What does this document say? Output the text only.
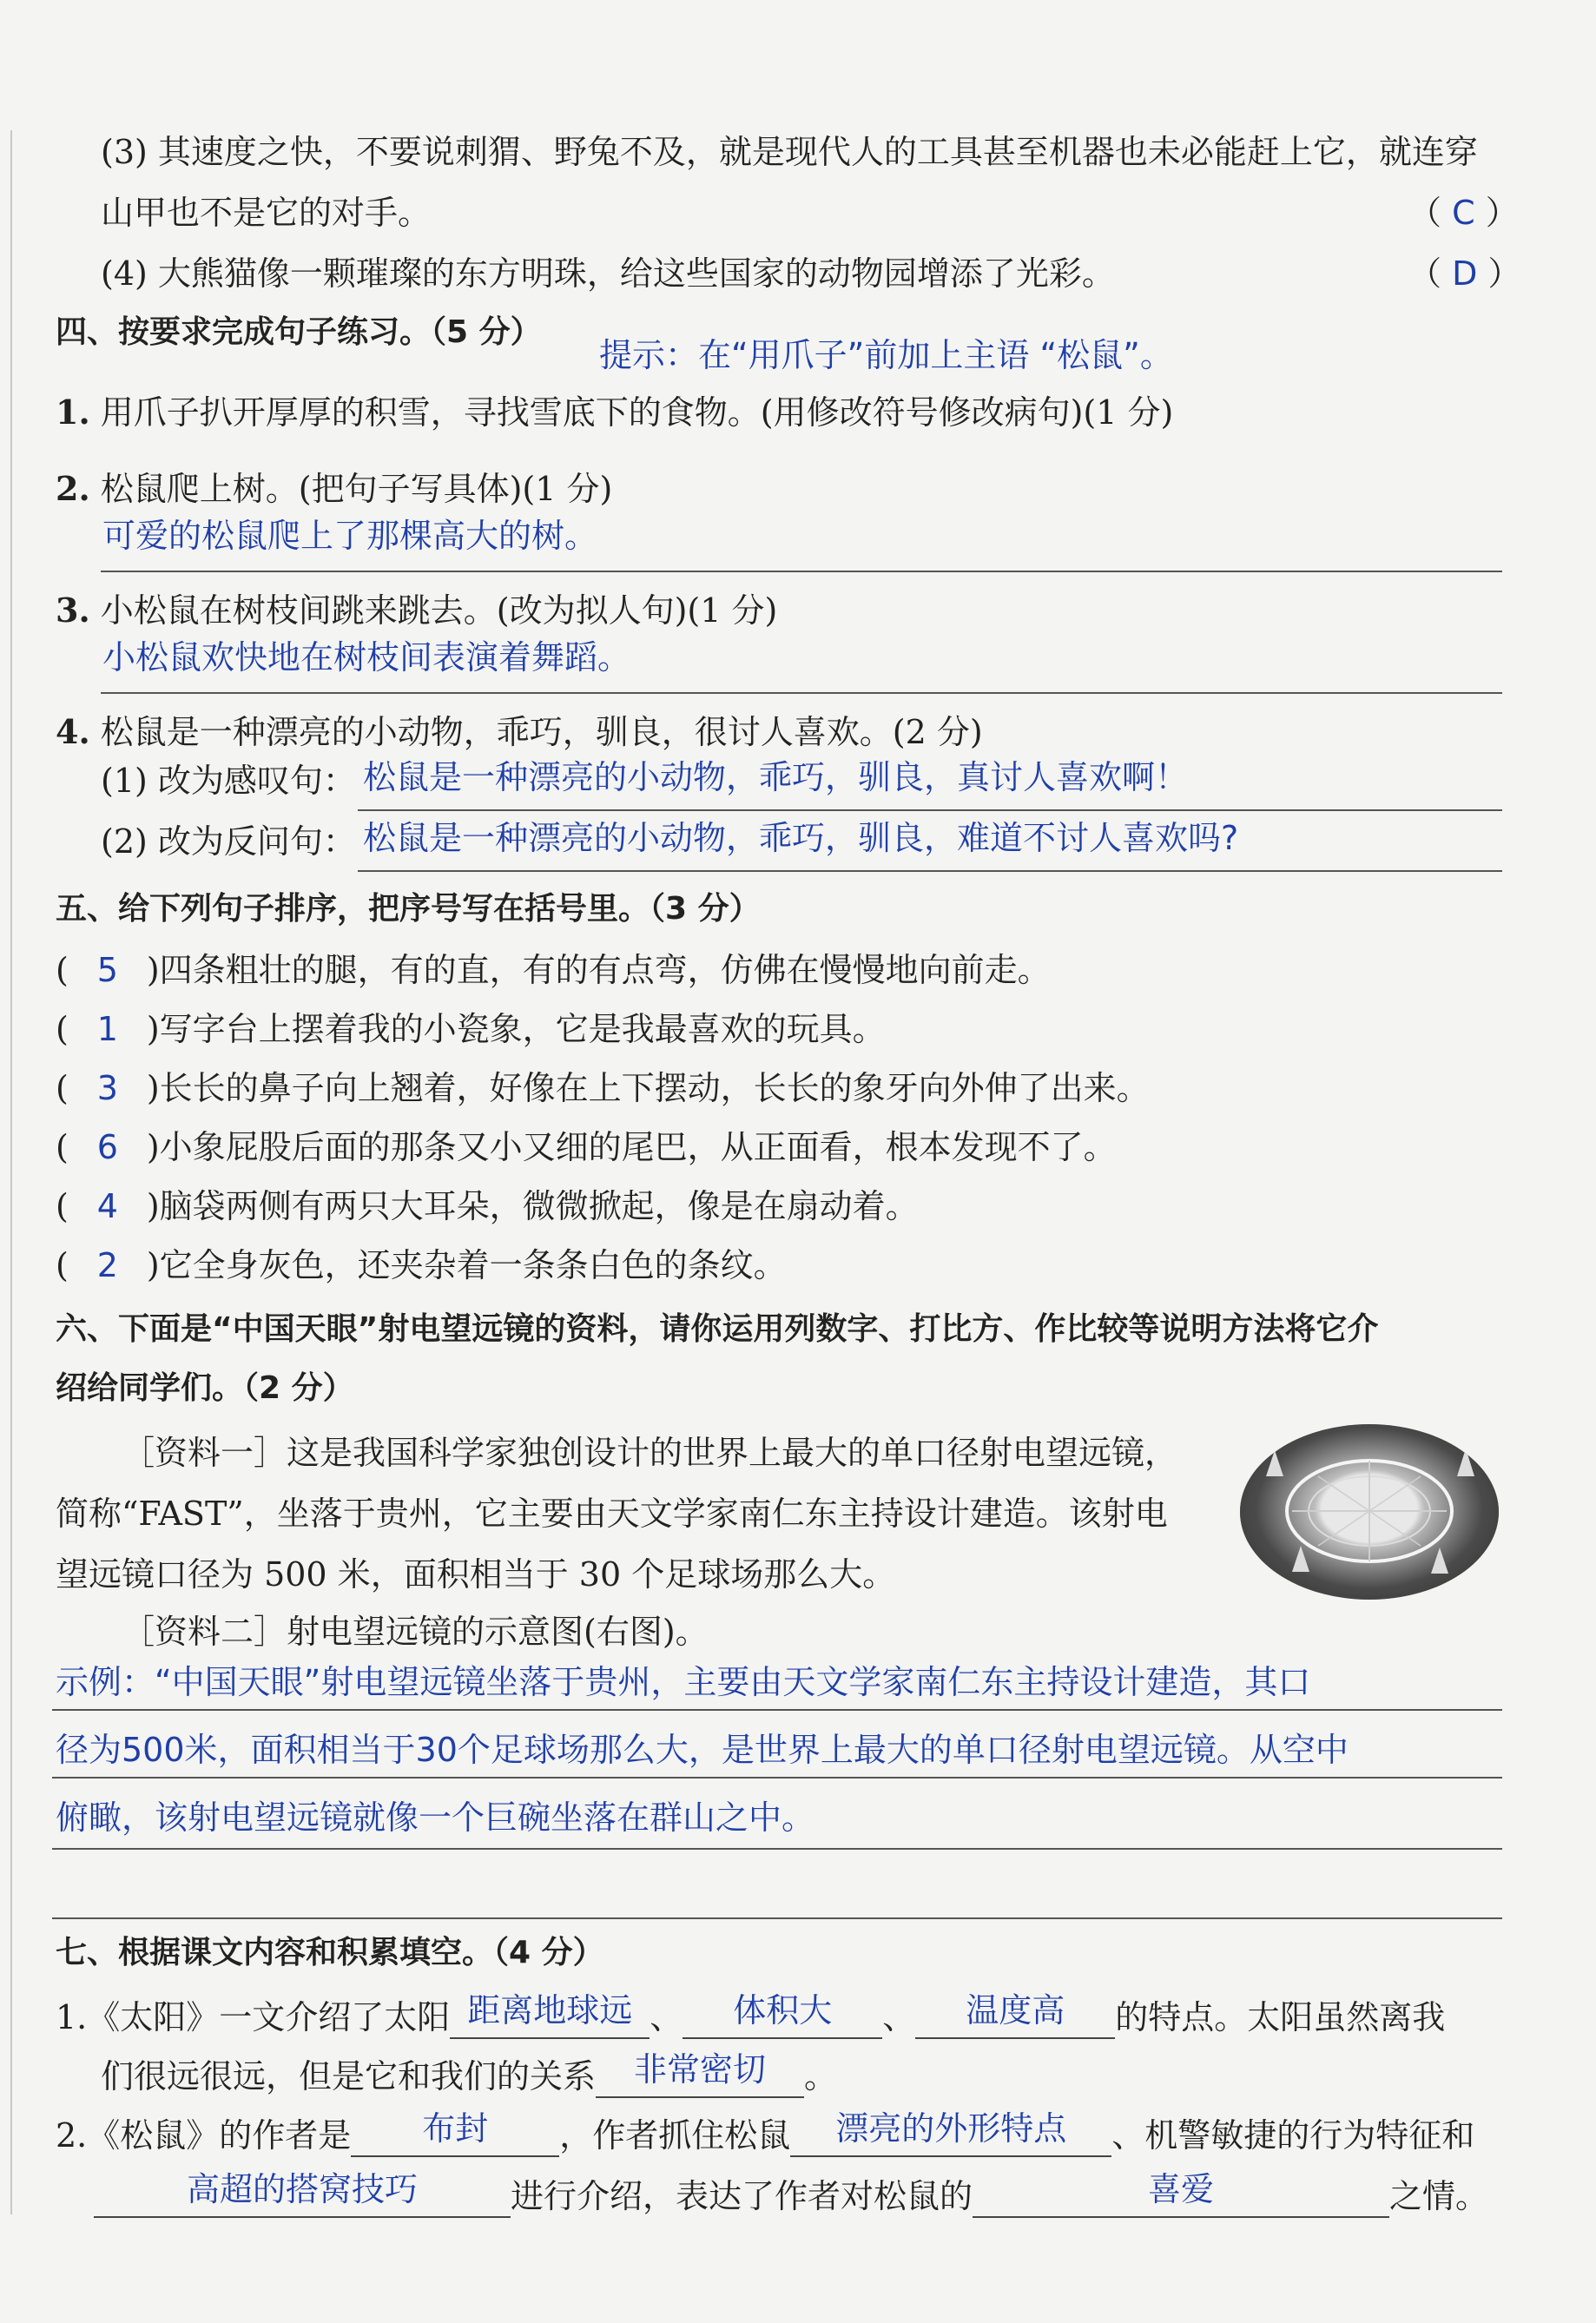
(3) 其速度之快，不要说刺猬、野兔不及，就是现代人的工具甚至机器也未必能赶上它，就连穿
山甲也不是它的对手。	（ C ）
(4) 大熊猫像一颗璀璨的东方明珠，给这些国家的动物园增添了光彩。	（ D ）
四、按要求完成句子练习。（5 分）
提示：在“用爪子”前加上主语 “松鼠”。
1. 用爪子扒开厚厚的积雪，寻找雪底下的食物。(用修改符号修改病句)(1 分)
2. 松鼠爬上树。(把句子写具体)(1 分)
可爱的松鼠爬上了那棵高大的树。
3. 小松鼠在树枝间跳来跳去。(改为拟人句)(1 分)
小松鼠欢快地在树枝间表演着舞蹈。
4. 松鼠是一种漂亮的小动物，乖巧，驯良，很讨人喜欢。(2 分)
(1) 改为感叹句： 松鼠是一种漂亮的小动物，乖巧，驯良，真讨人喜欢啊！
(2) 改为反问句： 松鼠是一种漂亮的小动物，乖巧，驯良，难道不讨人喜欢吗?
五、给下列句子排序，把序号写在括号里。（3 分）
( 5 )四条粗壮的腿，有的直，有的有点弯，仿佛在慢慢地向前走。
( 1 )写字台上摆着我的小瓷象，它是我最喜欢的玩具。
( 3 )长长的鼻子向上翘着，好像在上下摆动，长长的象牙向外伸了出来。
( 6 )小象屁股后面的那条又小又细的尾巴，从正面看，根本发现不了。
( 4 )脑袋两侧有两只大耳朵，微微掀起，像是在扇动着。
( 2 )它全身灰色，还夹杂着一条条白色的条纹。
六、下面是“中国天眼”射电望远镜的资料，请你运用列数字、打比方、作比较等说明方法将它介
绍给同学们。（2 分）
［资料一］这是我国科学家独创设计的世界上最大的单口径射电望远镜，
简称“FAST”，坐落于贵州，它主要由天文学家南仁东主持设计建造。该射电
望远镜口径为 500 米，面积相当于 30 个足球场那么大。
［资料二］射电望远镜的示意图(右图)。
示例：“中国天眼”射电望远镜坐落于贵州，主要由天文学家南仁东主持设计建造，其口
径为500米，面积相当于30个足球场那么大，是世界上最大的单口径射电望远镜。从空中
俯瞰，该射电望远镜就像一个巨碗坐落在群山之中。
七、根据课文内容和积累填空。（4 分）
1.《太阳》一文介绍了太阳 距离地球远 、 体积大 、 温度高 的特点。太阳虽然离我
们很远很远，但是它和我们的关系 非常密切 。
2.《松鼠》的作者是 布封 ，作者抓住松鼠 漂亮的外形特点 、机警敏捷的行为特征和
高超的搭窝技巧	进行介绍，表达了作者对松鼠的	喜爱	之情。
